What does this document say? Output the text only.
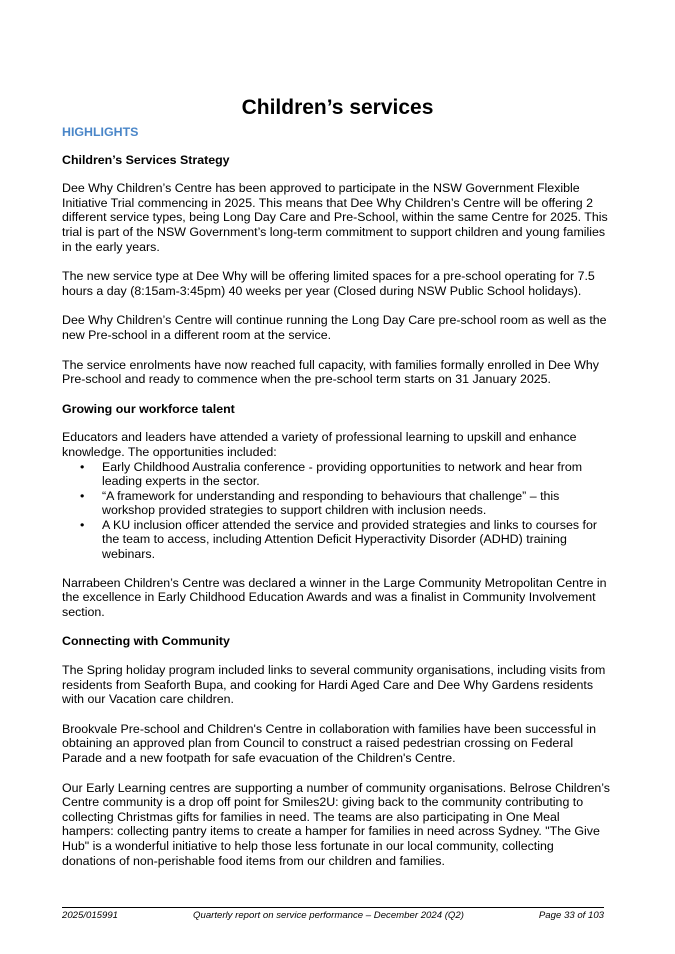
Children’s services
HIGHLIGHTS
Children’s Services Strategy

Dee Why Children’s Centre has been approved to participate in the NSW Government Flexible Initiative Trial commencing in 2025. This means that Dee Why Children’s Centre will be offering 2 different service types, being Long Day Care and Pre-School, within the same Centre for 2025. This trial is part of the NSW Government’s long-term commitment to support children and young families in the early years.

The new service type at Dee Why will be offering limited spaces for a pre-school operating for 7.5 hours a day (8:15am-3:45pm) 40 weeks per year (Closed during NSW Public School holidays).

Dee Why Children’s Centre will continue running the Long Day Care pre-school room as well as the new Pre-school in a different room at the service.

The service enrolments have now reached full capacity, with families formally enrolled in Dee Why Pre-school and ready to commence when the pre-school term starts on 31 January 2025.

Growing our workforce talent

Educators and leaders have attended a variety of professional learning to upskill and enhance knowledge. The opportunities included:

• Early Childhood Australia conference - providing opportunities to network and hear from leading experts in the sector.
• “A framework for understanding and responding to behaviours that challenge” – this workshop provided strategies to support children with inclusion needs.
• A KU inclusion officer attended the service and provided strategies and links to courses for the team to access, including Attention Deficit Hyperactivity Disorder (ADHD) training webinars.

Narrabeen Children’s Centre was declared a winner in the Large Community Metropolitan Centre in the excellence in Early Childhood Education Awards and was a finalist in Community Involvement section.

Connecting with Community

The Spring holiday program included links to several community organisations, including visits from residents from Seaforth Bupa, and cooking for Hardi Aged Care and Dee Why Gardens residents with our Vacation care children.

Brookvale Pre-school and Children's Centre in collaboration with families have been successful in obtaining an approved plan from Council to construct a raised pedestrian crossing on Federal Parade and a new footpath for safe evacuation of the Children's Centre.

Our Early Learning centres are supporting a number of community organisations. Belrose Children’s Centre community is a drop off point for Smiles2U: giving back to the community contributing to collecting Christmas gifts for families in need. The teams are also participating in One Meal hampers: collecting pantry items to create a hamper for families in need across Sydney. "The Give Hub" is a wonderful initiative to help those less fortunate in our local community, collecting donations of non-perishable food items from our children and families.

2025/015991	Quarterly report on service performance – December 2024 (Q2)	Page 33 of 103
